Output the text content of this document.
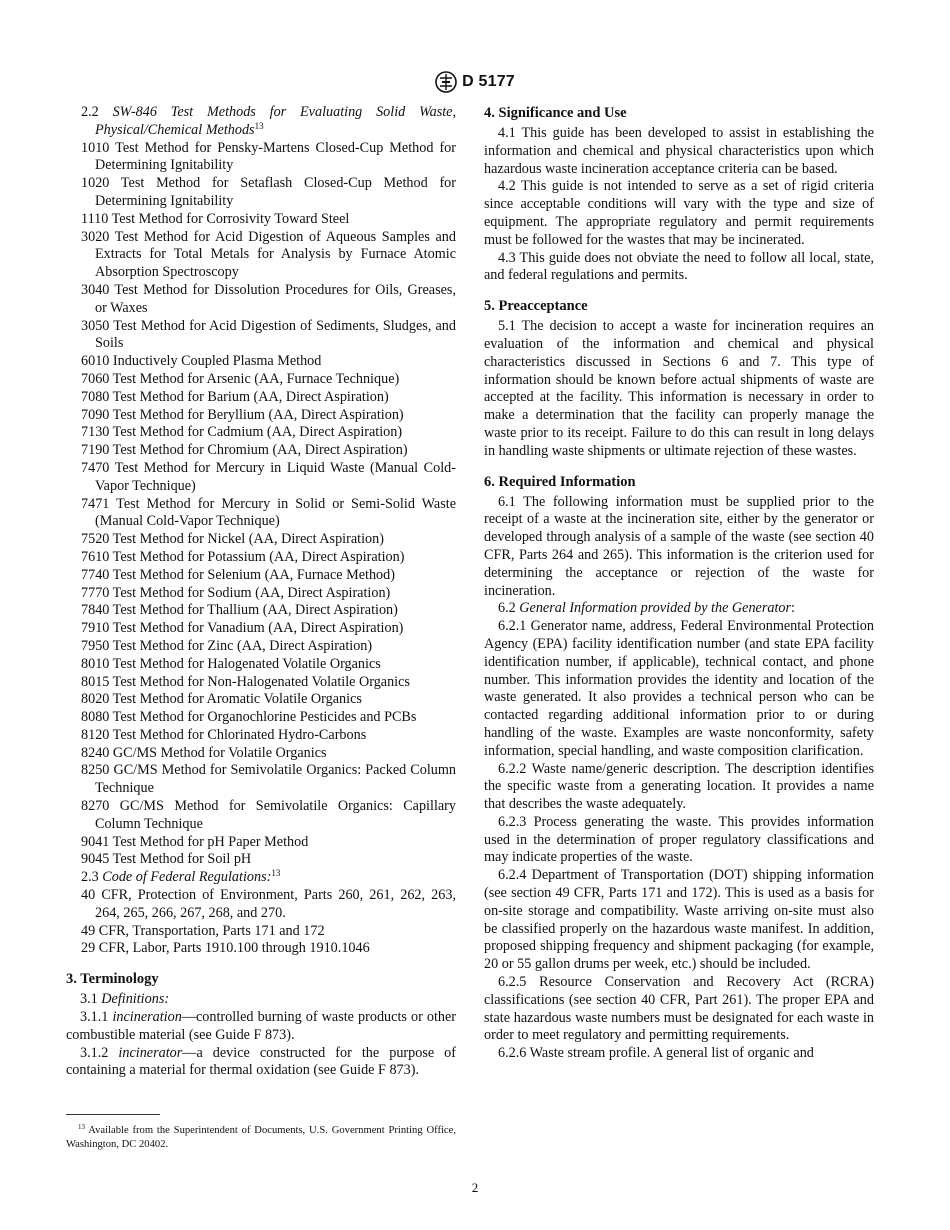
D 5177

2.2 SW-846 Test Methods for Evaluating Solid Waste, Physical/Chemical Methods$^{13}$

1010 Test Method for Pensky-Martens Closed-Cup Method for Determining Ignitability

1020 Test Method for Setaflash Closed-Cup Method for Determining Ignitability

1110 Test Method for Corrosivity Toward Steel

3020 Test Method for Acid Digestion of Aqueous Samples and Extracts for Total Metals for Analysis by Furnace Atomic Absorption Spectroscopy

3040 Test Method for Dissolution Procedures for Oils, Greases, or Waxes

3050 Test Method for Acid Digestion of Sediments, Sludges, and Soils

6010 Inductively Coupled Plasma Method

7060 Test Method for Arsenic (AA, Furnace Technique)

7080 Test Method for Barium (AA, Direct Aspiration)

7090 Test Method for Beryllium (AA, Direct Aspiration)

7130 Test Method for Cadmium (AA, Direct Aspiration)

7190 Test Method for Chromium (AA, Direct Aspiration)

7470 Test Method for Mercury in Liquid Waste (Manual Cold-Vapor Technique)

7471 Test Method for Mercury in Solid or Semi-Solid Waste (Manual Cold-Vapor Technique)

7520 Test Method for Nickel (AA, Direct Aspiration)

7610 Test Method for Potassium (AA, Direct Aspiration)

7740 Test Method for Selenium (AA, Furnace Method)

7770 Test Method for Sodium (AA, Direct Aspiration)

7840 Test Method for Thallium (AA, Direct Aspiration)

7910 Test Method for Vanadium (AA, Direct Aspiration)

7950 Test Method for Zinc (AA, Direct Aspiration)

8010 Test Method for Halogenated Volatile Organics

8015 Test Method for Non-Halogenated Volatile Organics

8020 Test Method for Aromatic Volatile Organics

8080 Test Method for Organochlorine Pesticides and PCBs

8120 Test Method for Chlorinated Hydro-Carbons

8240 GC/MS Method for Volatile Organics

8250 GC/MS Method for Semivolatile Organics: Packed Column Technique

8270 GC/MS Method for Semivolatile Organics: Capillary Column Technique

9041 Test Method for pH Paper Method

9045 Test Method for Soil pH

2.3 Code of Federal Regulations:$^{13}$

40 CFR, Protection of Environment, Parts 260, 261, 262, 263, 264, 265, 266, 267, 268, and 270.

49 CFR, Transportation, Parts 171 and 172

29 CFR, Labor, Parts 1910.100 through 1910.1046

3. Terminology

3.1 Definitions:

3.1.1 incineration—controlled burning of waste products or other combustible material (see Guide F 873).

3.1.2 incinerator—a device constructed for the purpose of containing a material for thermal oxidation (see Guide F 873).

$^{13}$ Available from the Superintendent of Documents, U.S. Government Printing Office, Washington, DC 20402.

4. Significance and Use

4.1 This guide has been developed to assist in establishing the information and chemical and physical characteristics upon which hazardous waste incineration acceptance criteria can be based.

4.2 This guide is not intended to serve as a set of rigid criteria since acceptable conditions will vary with the type and size of equipment. The appropriate regulatory and permit requirements must be followed for the wastes that may be incinerated.

4.3 This guide does not obviate the need to follow all local, state, and federal regulations and permits.

5. Preacceptance

5.1 The decision to accept a waste for incineration requires an evaluation of the information and chemical and physical characteristics discussed in Sections 6 and 7. This type of information should be known before actual shipments of waste are accepted at the facility. This information is necessary in order to make a determination that the facility can properly manage the waste prior to its receipt. Failure to do this can result in long delays in handling waste shipments or ultimate rejection of these wastes.

6. Required Information

6.1 The following information must be supplied prior to the receipt of a waste at the incineration site, either by the generator or developed through analysis of a sample of the waste (see section 40 CFR, Parts 264 and 265). This information is the criterion used for determining the acceptance or rejection of the waste for incineration.

6.2 General Information provided by the Generator:

6.2.1 Generator name, address, Federal Environmental Protection Agency (EPA) facility identification number (and state EPA facility identification number, if applicable), technical contact, and phone number. This information provides the identity and location of the waste generated. It also provides a technical person who can be contacted regarding additional information prior to or during handling of the waste. Examples are waste nonconformity, safety information, special handling, and waste composition clarification.

6.2.2 Waste name/generic description. The description identifies the specific waste from a generating location. It provides a name that describes the waste adequately.

6.2.3 Process generating the waste. This provides information used in the determination of proper regulatory classifications and may indicate properties of the waste.

6.2.4 Department of Transportation (DOT) shipping information (see section 49 CFR, Parts 171 and 172). This is used as a basis for on-site storage and compatibility. Waste arriving on-site must also be classified properly on the hazardous waste manifest. In addition, proposed shipping frequency and shipment packaging (for example, 20 or 55 gallon drums per week, etc.) should be included.

6.2.5 Resource Conservation and Recovery Act (RCRA) classifications (see section 40 CFR, Part 261). The proper EPA and state hazardous waste numbers must be designated for each waste in order to meet regulatory and permitting requirements.

6.2.6 Waste stream profile. A general list of organic and

2
